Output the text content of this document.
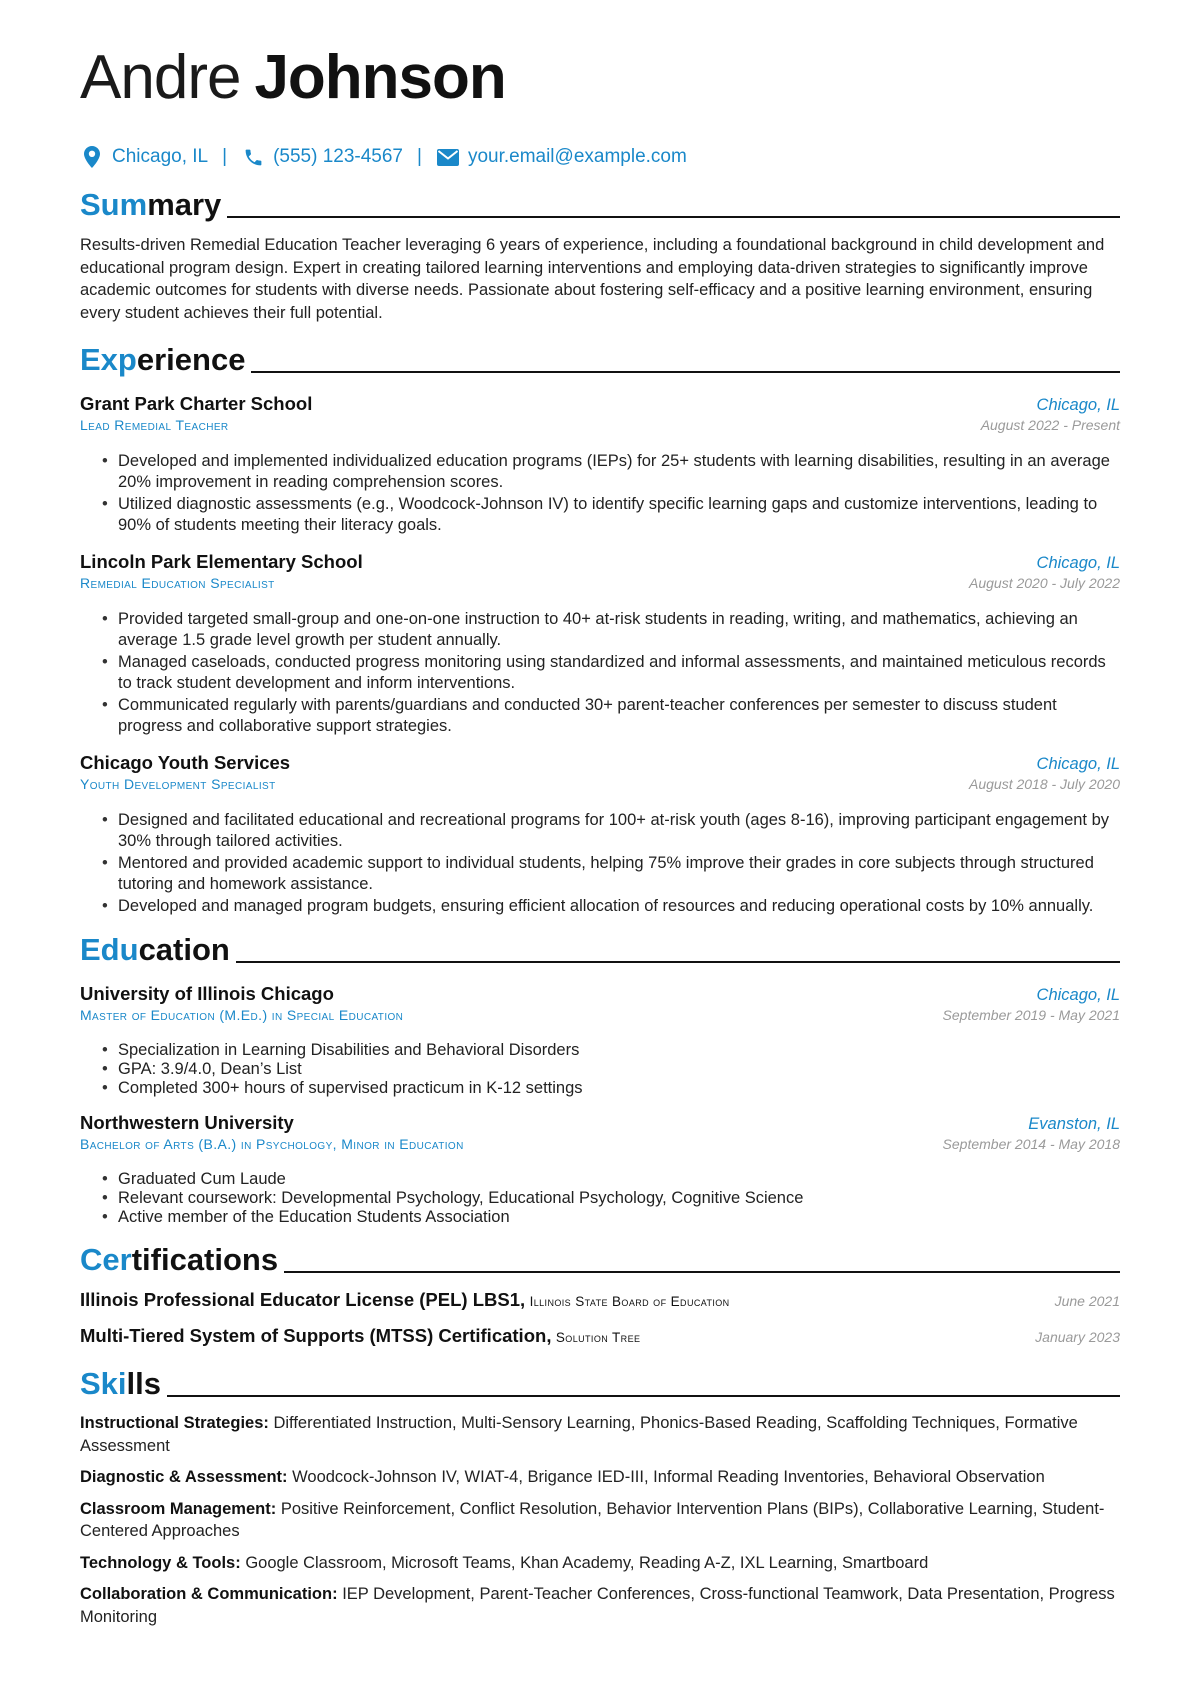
Andre Johnson
Chicago, IL | (555) 123-4567 | your.email@example.com
Summary
Results-driven Remedial Education Teacher leveraging 6 years of experience, including a foundational background in child development and educational program design. Expert in creating tailored learning interventions and employing data-driven strategies to significantly improve academic outcomes for students with diverse needs. Passionate about fostering self-efficacy and a positive learning environment, ensuring every student achieves their full potential.
Experience
Grant Park Charter School	Chicago, IL
Lead Remedial Teacher	August 2022 - Present
• Developed and implemented individualized education programs (IEPs) for 25+ students with learning disabilities, resulting in an average 20% improvement in reading comprehension scores.
• Utilized diagnostic assessments (e.g., Woodcock-Johnson IV) to identify specific learning gaps and customize interventions, leading to 90% of students meeting their literacy goals.
Lincoln Park Elementary School	Chicago, IL
Remedial Education Specialist	August 2020 - July 2022
• Provided targeted small-group and one-on-one instruction to 40+ at-risk students in reading, writing, and mathematics, achieving an average 1.5 grade level growth per student annually.
• Managed caseloads, conducted progress monitoring using standardized and informal assessments, and maintained meticulous records to track student development and inform interventions.
• Communicated regularly with parents/guardians and conducted 30+ parent-teacher conferences per semester to discuss student progress and collaborative support strategies.
Chicago Youth Services	Chicago, IL
Youth Development Specialist	August 2018 - July 2020
• Designed and facilitated educational and recreational programs for 100+ at-risk youth (ages 8-16), improving participant engagement by 30% through tailored activities.
• Mentored and provided academic support to individual students, helping 75% improve their grades in core subjects through structured tutoring and homework assistance.
• Developed and managed program budgets, ensuring efficient allocation of resources and reducing operational costs by 10% annually.
Education
University of Illinois Chicago	Chicago, IL
Master of Education (M.Ed.) in Special Education	September 2019 - May 2021
• Specialization in Learning Disabilities and Behavioral Disorders
• GPA: 3.9/4.0, Dean’s List
• Completed 300+ hours of supervised practicum in K-12 settings
Northwestern University	Evanston, IL
Bachelor of Arts (B.A.) in Psychology, Minor in Education	September 2014 - May 2018
• Graduated Cum Laude
• Relevant coursework: Developmental Psychology, Educational Psychology, Cognitive Science
• Active member of the Education Students Association
Certifications
Illinois Professional Educator License (PEL) LBS1, Illinois State Board of Education	June 2021
Multi-Tiered System of Supports (MTSS) Certification, Solution Tree	January 2023
Skills
Instructional Strategies: Differentiated Instruction, Multi-Sensory Learning, Phonics-Based Reading, Scaffolding Techniques, Formative Assessment
Diagnostic & Assessment: Woodcock-Johnson IV, WIAT-4, Brigance IED-III, Informal Reading Inventories, Behavioral Observation
Classroom Management: Positive Reinforcement, Conflict Resolution, Behavior Intervention Plans (BIPs), Collaborative Learning, Student-Centered Approaches
Technology & Tools: Google Classroom, Microsoft Teams, Khan Academy, Reading A-Z, IXL Learning, Smartboard
Collaboration & Communication: IEP Development, Parent-Teacher Conferences, Cross-functional Teamwork, Data Presentation, Progress Monitoring
